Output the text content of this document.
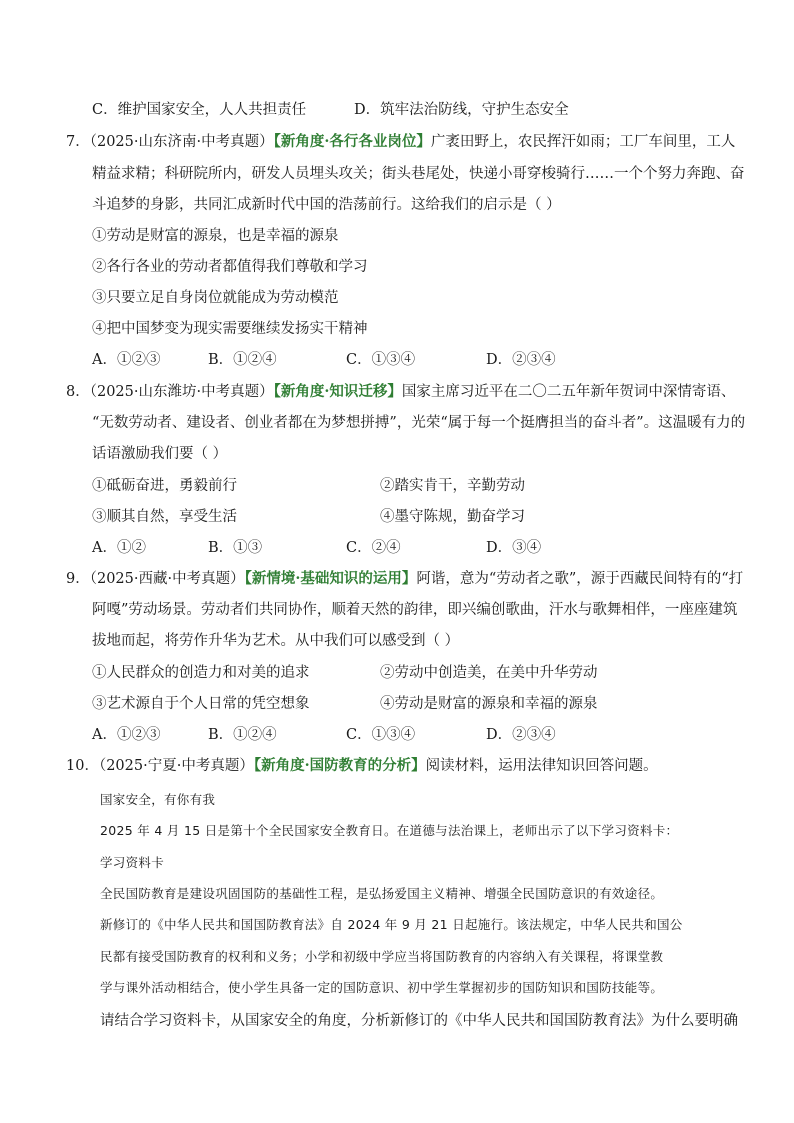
C．维护国家安全，人人共担责任	D．筑牢法治防线，守护生态安全
7．（2025·山东济南·中考真题）【新角度·各行各业岗位】广袤田野上，农民挥汗如雨；工厂车间里，工人
精益求精；科研院所内，研发人员埋头攻关；街头巷尾处，快递小哥穿梭骑行……一个个努力奔跑、奋
斗追梦的身影，共同汇成新时代中国的浩荡前行。这给我们的启示是（ ）
①劳动是财富的源泉，也是幸福的源泉
②各行各业的劳动者都值得我们尊敬和学习
③只要立足自身岗位就能成为劳动模范
④把中国梦变为现实需要继续发扬实干精神
A．①②③	B．①②④	C．①③④	D．②③④
8．（2025·山东潍坊·中考真题）【新角度·知识迁移】国家主席习近平在二〇二五年新年贺词中深情寄语、
“无数劳动者、建设者、创业者都在为梦想拼搏”，光荣“属于每一个挺膺担当的奋斗者”。这温暖有力的
话语激励我们要（ ）
①砥砺奋进，勇毅前行	②踏实肯干，辛勤劳动
③顺其自然，享受生活	④墨守陈规，勤奋学习
A．①②	B．①③	C．②④	D．③④
9．（2025·西藏·中考真题）【新情境·基础知识的运用】阿谐，意为“劳动者之歌”，源于西藏民间特有的“打
阿嘎”劳动场景。劳动者们共同协作，顺着天然的韵律，即兴编创歌曲，汗水与歌舞相伴，一座座建筑
拔地而起，将劳作升华为艺术。从中我们可以感受到（ ）
①人民群众的创造力和对美的追求	②劳动中创造美，在美中升华劳动
③艺术源自于个人日常的凭空想象	④劳动是财富的源泉和幸福的源泉
A．①②③	B．①②④	C．①③④	D．②③④
10．（2025·宁夏·中考真题）【新角度·国防教育的分析】阅读材料，运用法律知识回答问题。
国家安全，有你有我
2025 年 4 月 15 日是第十个全民国家安全教育日。在道德与法治课上，老师出示了以下学习资料卡：
学习资料卡
全民国防教育是建设巩固国防的基础性工程，是弘扬爱国主义精神、增强全民国防意识的有效途径。
新修订的《中华人民共和国国防教育法》自 2024 年 9 月 21 日起施行。该法规定，中华人民共和国公
民都有接受国防教育的权利和义务；小学和初级中学应当将国防教育的内容纳入有关课程，将课堂教
学与课外活动相结合，使小学生具备一定的国防意识、初中学生掌握初步的国防知识和国防技能等。
请结合学习资料卡，从国家安全的角度，分析新修订的《中华人民共和国国防教育法》为什么要明确
